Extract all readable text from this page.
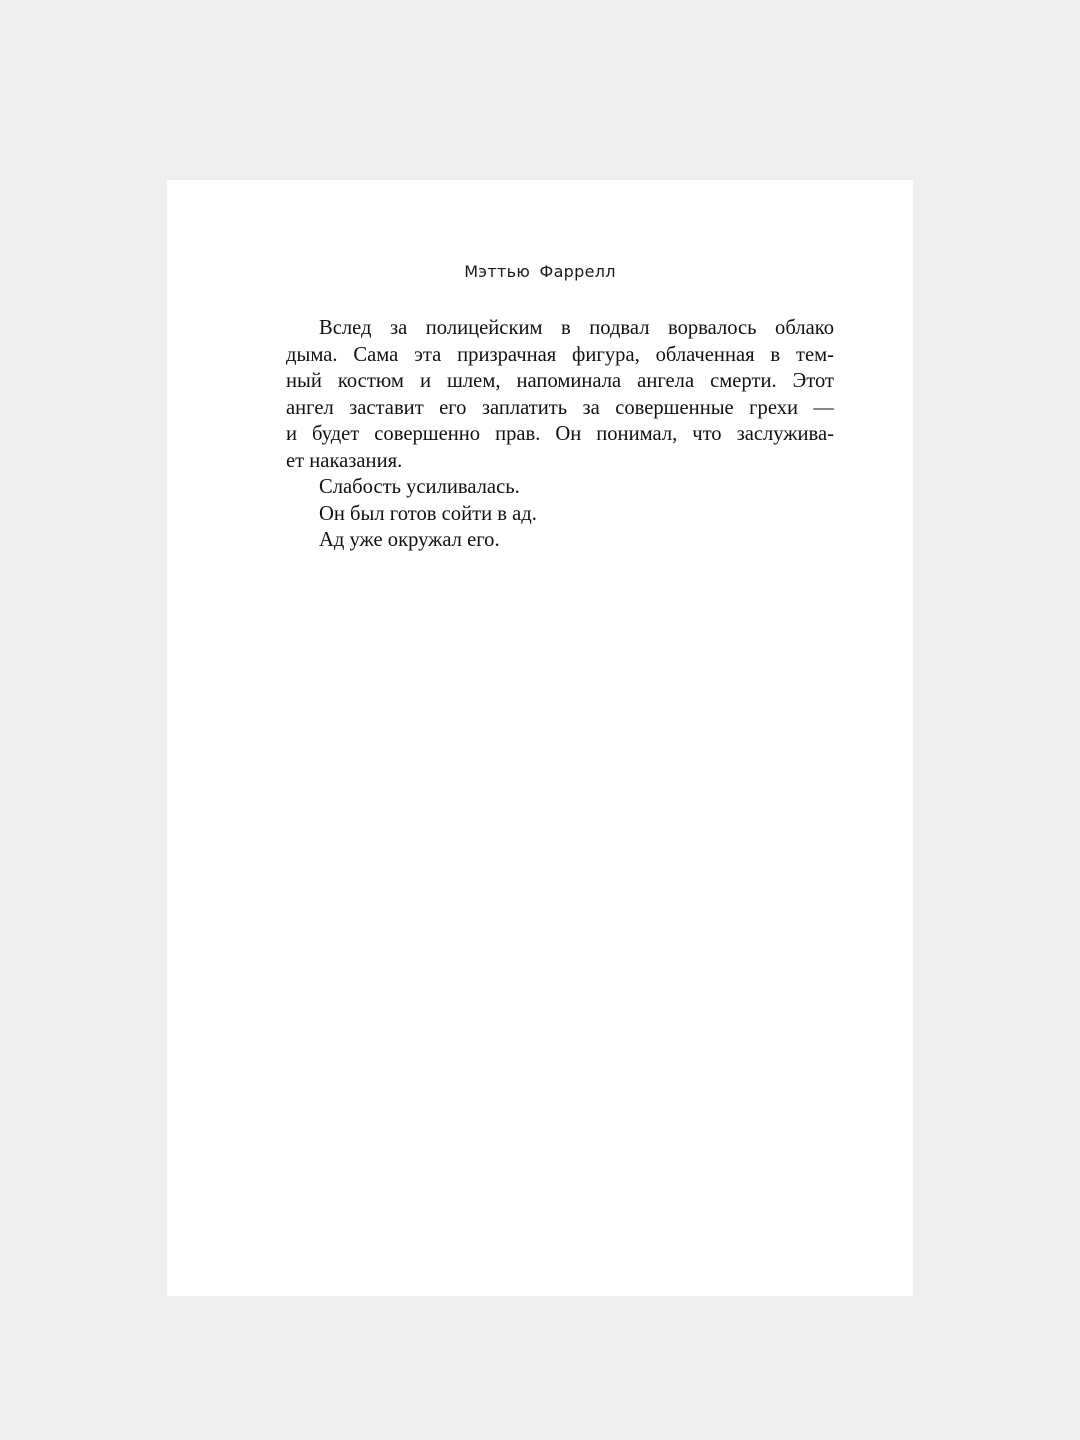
Мэттью Фаррелл
Вслед за полицейским в подвал ворвалось облако
дыма. Сама эта призрачная фигура, облаченная в тем-
ный костюм и шлем, напоминала ангела смерти. Этот
ангел заставит его заплатить за совершенные грехи —
и будет совершенно прав. Он понимал, что заслужива-
ет наказания.
Слабость усиливалась.
Он был готов сойти в ад.
Ад уже окружал его.
